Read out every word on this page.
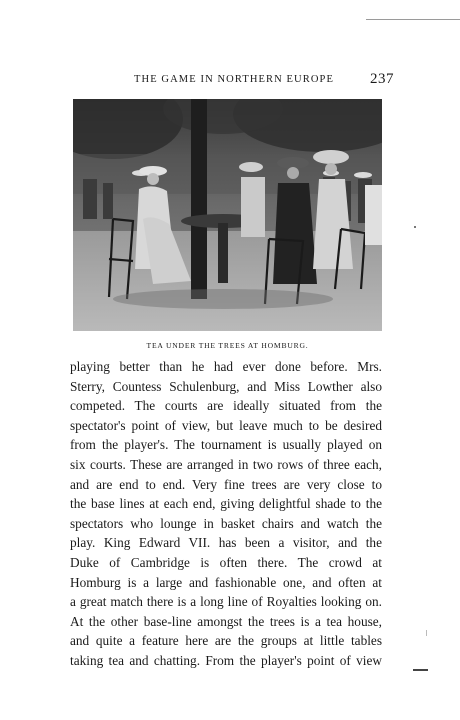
THE GAME IN NORTHERN EUROPE 237
TEA UNDER THE TREES AT HOMBURG.
playing better than he had ever done before. Mrs.
Sterry, Countess Schulenburg, and Miss Lowther also
competed. The courts are ideally situated from the
spectator's point of view, but leave much to be desired
from the player's. The tournament is usually played on
six courts. These are arranged in two rows of three each,
and are end to end. Very fine trees are very close to
the base lines at each end, giving delightful shade to the
spectators who lounge in basket chairs and watch the
play. King Edward VII. has been a visitor, and the
Duke of Cambridge is often there. The crowd at
Homburg is a large and fashionable one, and often at
a great match there is a long line of Royalties looking on.
At the other base-line amongst the trees is a tea house,
and quite a feature here are the groups at little tables
taking tea and chatting. From the player's point of view
